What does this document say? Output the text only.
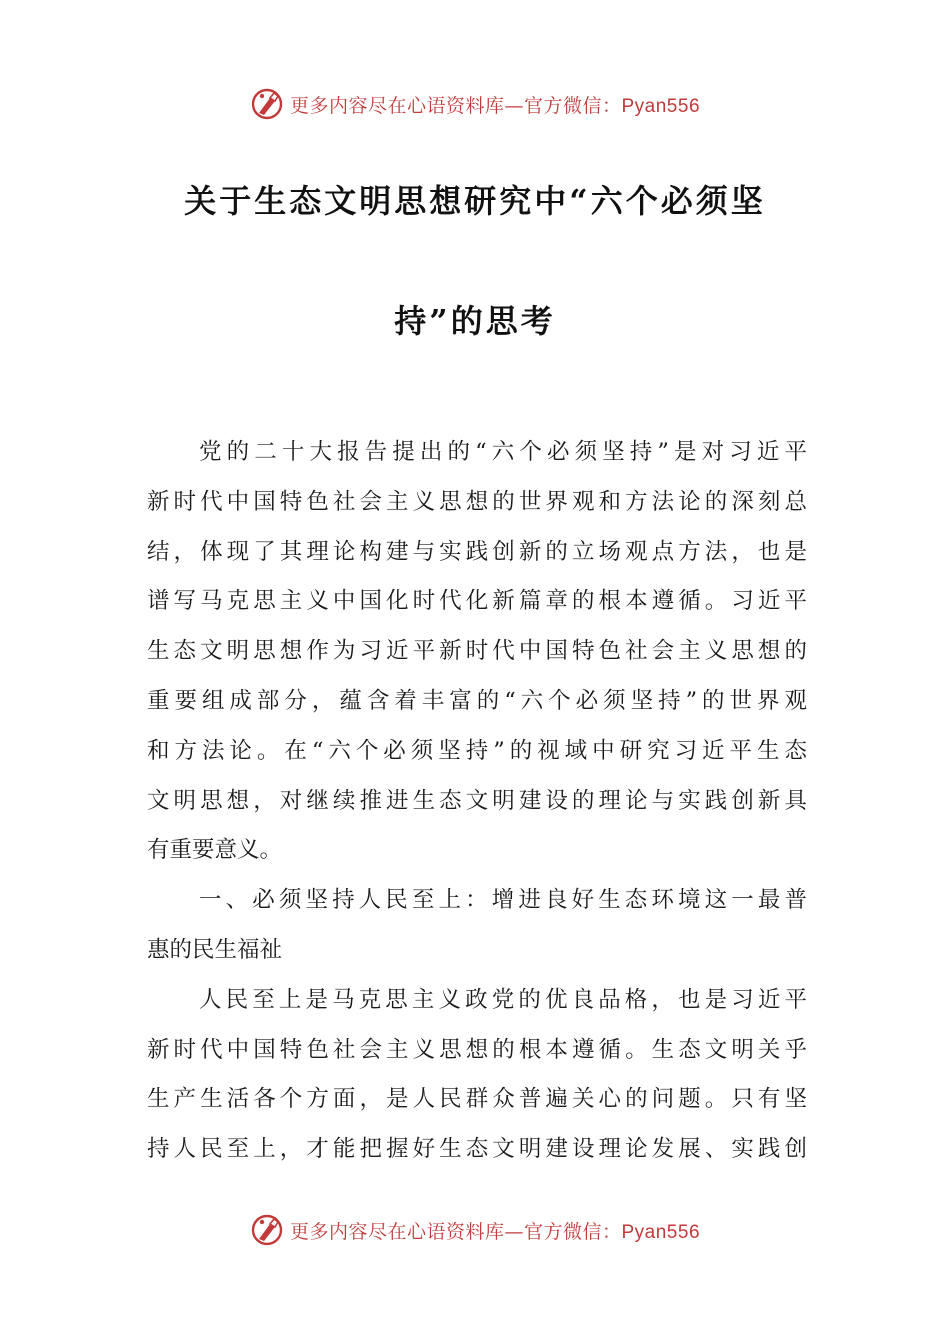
更多内容尽在心语资料库—官方微信：Pyan556
关于生态文明思想研究中“六个必须坚
持”的思考
党的二十大报告提出的“六个必须坚持”是对习近平
新时代中国特色社会主义思想的世界观和方法论的深刻总
结，体现了其理论构建与实践创新的立场观点方法，也是
谱写马克思主义中国化时代化新篇章的根本遵循。习近平
生态文明思想作为习近平新时代中国特色社会主义思想的
重要组成部分，蕴含着丰富的“六个必须坚持”的世界观
和方法论。在“六个必须坚持”的视域中研究习近平生态
文明思想，对继续推进生态文明建设的理论与实践创新具
有重要意义。
一、必须坚持人民至上：增进良好生态环境这一最普
惠的民生福祉
人民至上是马克思主义政党的优良品格，也是习近平
新时代中国特色社会主义思想的根本遵循。生态文明关乎
生产生活各个方面，是人民群众普遍关心的问题。只有坚
持人民至上，才能把握好生态文明建设理论发展、实践创
更多内容尽在心语资料库—官方微信：Pyan556
